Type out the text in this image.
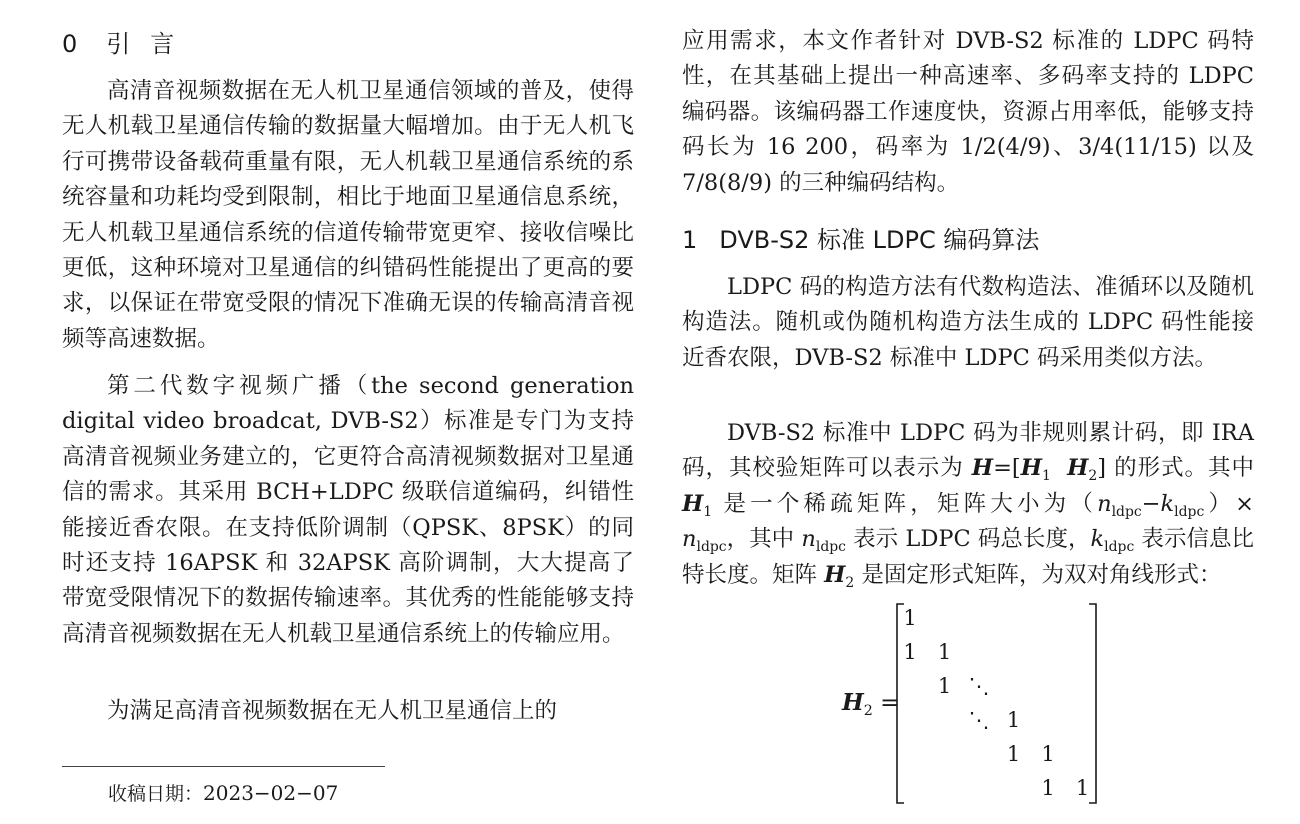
0 引言

高清音视频数据在无人机卫星通信领域的普及，使得无人机载卫星通信传输的数据量大幅增加。由于无人机飞行可携带设备载荷重量有限，无人机载卫星通信系统的系统容量和功耗均受到限制，相比于地面卫星通信息系统，无人机载卫星通信系统的信道传输带宽更窄、接收信噪比更低，这种环境对卫星通信的纠错码性能提出了更高的要求，以保证在带宽受限的情况下准确无误的传输高清音视频等高速数据。

第二代数字视频广播（the second generation digital video broadcat, DVB-S2）标准是专门为支持高清音视频业务建立的，它更符合高清视频数据对卫星通信的需求。其采用 BCH+LDPC 级联信道编码，纠错性能接近香农限。在支持低阶调制（QPSK、8PSK）的同时还支持 16APSK 和 32APSK 高阶调制，大大提高了带宽受限情况下的数据传输速率。其优秀的性能能够支持高清音视频数据在无人机载卫星通信系统上的传输应用。

为满足高清音视频数据在无人机卫星通信上的

收稿日期：2023−02−07

应用需求，本文作者针对 DVB-S2 标准的 LDPC 码特性，在其基础上提出一种高速率、多码率支持的 LDPC 编码器。该编码器工作速度快，资源占用率低，能够支持码长为 16 200，码率为 1/2(4/9)、3/4(11/15) 以及 7/8(8/9) 的三种编码结构。

1 DVB-S2 标准 LDPC 编码算法

LDPC 码的构造方法有代数构造法、准循环以及随机构造法。随机或伪随机构造方法生成的 LDPC 码性能接近香农限，DVB-S2 标准中 LDPC 码采用类似方法。

DVB-S2 标准中 LDPC 码为非规则累计码，即 IRA 码，其校验矩阵可以表示为 $H=[H_1$ $H_2$] 的形式。其中 $H_1$ 是一个稀疏矩阵，矩阵大小为$(n_{ldpc}-k_{ldpc})\times n_{ldpc}$，其中 $n_{ldpc}$ 表示 LDPC 码总长度，$k_{ldpc}$ 表示信息比特长度。矩阵 $H_2$ 是固定形式矩阵，为双对角线形式：

$H_2$ =
1
1 1
1 ⋱
⋱ 1
1 1
1 1
